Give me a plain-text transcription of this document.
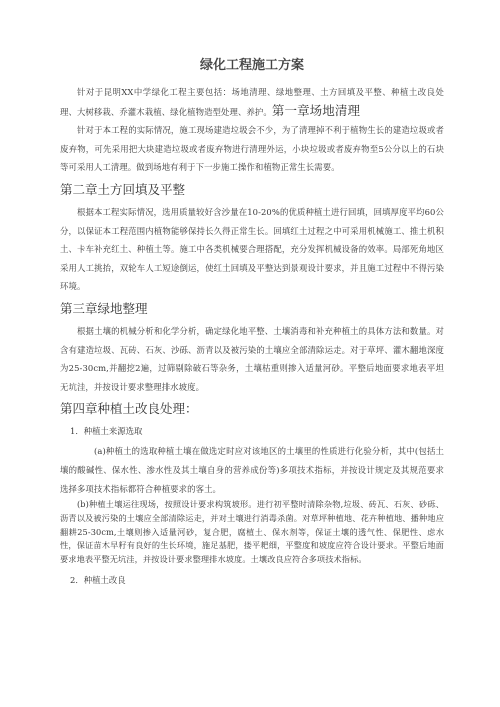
绿化工程施工方案

针对于昆明XX中学绿化工程主要包括：场地清理、绿地整理、土方回填及平整、种植土改良处理、大树移栽、乔灌木栽植、绿化植物造型处理、养护。第一章场地清理

针对于本工程的实际情况，施工现场建造垃圾会不少，为了清理掉不利于植物生长的建造垃圾或者废弃物，可先采用把大块建造垃圾或者废弃物进行清理外运，小块垃圾或者废弃物至5公分以上的石块等可采用人工清理。做到场地有利于下一步施工操作和植物正常生长需要。

第二章土方回填及平整

根据本工程实际情况，选用质量较好含沙量在10-20%的优质种植土进行回填，回填厚度平均60公分，以保证本工程范围内植物能够保持长久得正常生长。回填红土过程之中可采用机械施工、推土机积土、卡车补充红土、种植土等。施工中各类机械要合理搭配，充分发挥机械设备的效率。局部死角地区采用人工挑抬，双轮车人工短途倒运，使红土回填及平整达到景观设计要求，并且施工过程中不得污染环境。

第三章绿地整理

根据土壤的机械分析和化学分析，确定绿化地平整、土壤消毒和补充种植土的具体方法和数量。对含有建造垃圾、瓦砖、石灰、沙砾、沥青以及被污染的土壤应全部清除运走。对于草坪、灌木翻地深度为25-30cm,并翻挖2遍，过筛剔除破石等杂务，土壤枯重则掺入适量河砂。平整后地面要求地表平坦无坑洼，并按设计要求整理排水坡度。

第四章种植土改良处理：
1．种植土来源选取

(a)种植土的选取种植土壤在做选定时应对该地区的土壤里的性质进行化验分析，其中(包括土壤的酸碱性、保水性、渗水性及其土壤自身的营养成份等)多项技术指标，并按设计规定及其规范要求选择多项技术指标都符合种植要求的客土。

(b)种植土壤运往现场，按照设计要求构筑坡形。进行初平整时清除杂物,垃圾、砖瓦、石灰、砂砾、沥青以及被污染的土壤应全部清除运走，并对土壤进行消毒杀菌。对草坪种植地、花卉种植地、播种地应翻耕25-30cm,土壤则掺入适量河砂，复合肥，腐植土、保水剂等，保证土壤的透气性、保肥性、虑水性，保证苗木早籽有良好的生长环境，施足基肥，搂平耙细，平整度和坡度应符合设计要求。平整后地面要求地表平整无坑洼，并按设计要求整理排水坡度。土壤改良应符合多项技术指标。

2．种植土改良
